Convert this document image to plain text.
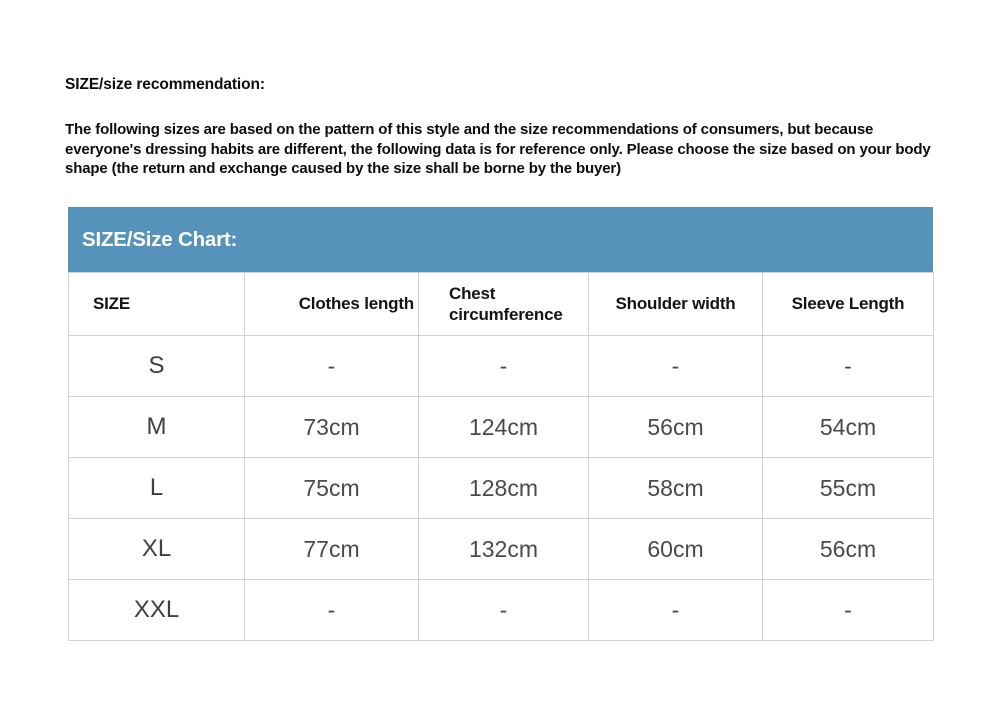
SIZE/size recommendation:
The following sizes are based on the pattern of this style and the size recommendations of consumers, but because everyone's dressing habits are different, the following data is for reference only. Please choose the size based on your body shape (the return and exchange caused by the size shall be borne by the buyer)
SIZE/Size Chart:
SIZE	Clothes length	Chest circumference	Shoulder width	Sleeve Length
S	-	-	-	-
M	73cm	124cm	56cm	54cm
L	75cm	128cm	58cm	55cm
XL	77cm	132cm	60cm	56cm
XXL	-	-	-	-
